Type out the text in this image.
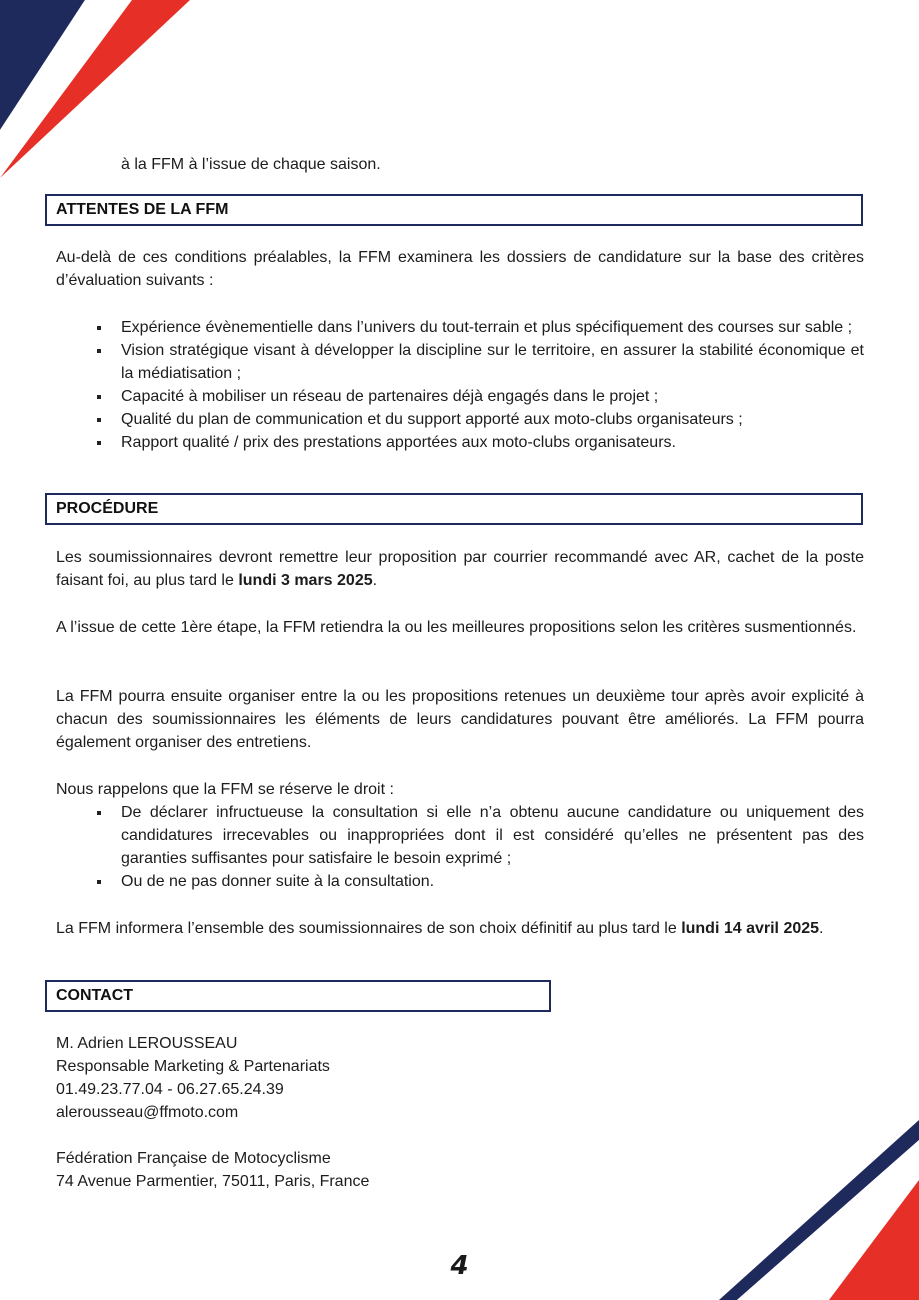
à la FFM à l’issue de chaque saison.

ATTENTES DE LA FFM

Au-delà de ces conditions préalables, la FFM examinera les dossiers de candidature sur la base des critères d’évaluation suivants :

Expérience évènementielle dans l’univers du tout-terrain et plus spécifiquement des courses sur sable ;
Vision stratégique visant à développer la discipline sur le territoire, en assurer la stabilité économique et la médiatisation ;
Capacité à mobiliser un réseau de partenaires déjà engagés dans le projet ;
Qualité du plan de communication et du support apporté aux moto-clubs organisateurs ;
Rapport qualité / prix des prestations apportées aux moto-clubs organisateurs.
PROCÉDURE

Les soumissionnaires devront remettre leur proposition par courrier recommandé avec AR, cachet de la poste faisant foi, au plus tard le lundi 3 mars 2025.

A l’issue de cette 1ère étape, la FFM retiendra la ou les meilleures propositions selon les critères susmentionnés.

La FFM pourra ensuite organiser entre la ou les propositions retenues un deuxième tour après avoir explicité à chacun des soumissionnaires les éléments de leurs candidatures pouvant être améliorés. La FFM pourra également organiser des entretiens.

Nous rappelons que la FFM se réserve le droit :

De déclarer infructueuse la consultation si elle n’a obtenu aucune candidature ou uniquement des candidatures irrecevables ou inappropriées dont il est considéré qu’elles ne présentent pas des garanties suffisantes pour satisfaire le besoin exprimé ;
Ou de ne pas donner suite à la consultation.

La FFM informera l’ensemble des soumissionnaires de son choix définitif au plus tard le lundi 14 avril 2025.

CONTACT
M. Adrien LEROUSSEAU
Responsable Marketing & Partenariats
01.49.23.77.04 - 06.27.65.24.39
alerousseau@ffmoto.com
Fédération Française de Motocyclisme
74 Avenue Parmentier, 75011, Paris, France
4
